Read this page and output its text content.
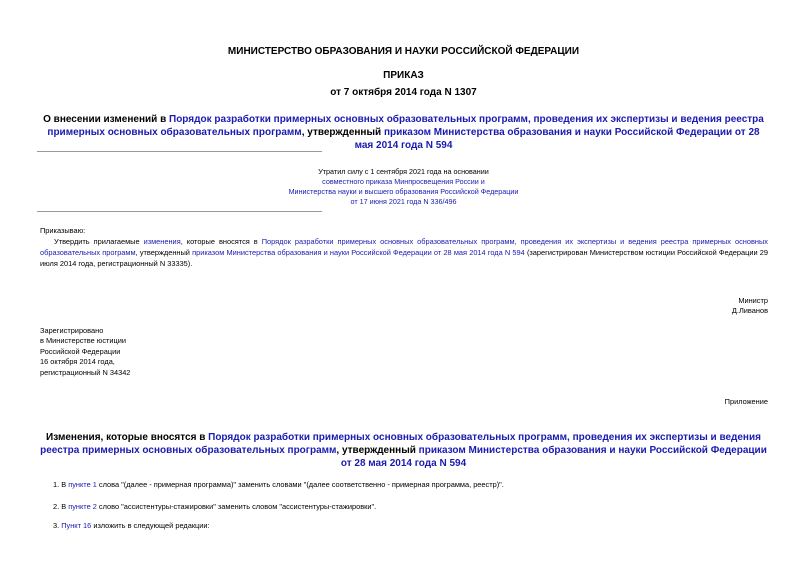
МИНИСТЕРСТВО ОБРАЗОВАНИЯ И НАУКИ РОССИЙСКОЙ ФЕДЕРАЦИИ
ПРИКАЗ
от 7 октября 2014 года N 1307
О внесении изменений в Порядок разработки примерных основных образовательных программ, проведения их экспертизы и ведения реестра примерных основных образовательных программ, утвержденный приказом Министерства образования и науки Российской Федерации от 28 мая 2014 года N 594
Утратил силу с 1 сентября 2021 года на основании
совместного приказа Минпросвещения России и
Министерства науки и высшего образования Российской Федерации
от 17 июня 2021 года N 336/496
Приказываю:
Утвердить прилагаемые изменения, которые вносятся в Порядок разработки примерных основных образовательных программ, проведения их экспертизы и ведения реестра примерных основных образовательных программ, утвержденный приказом Министерства образования и науки Российской Федерации от 28 мая 2014 года N 594 (зарегистрирован Министерством юстиции Российской Федерации 29 июля 2014 года, регистрационный N 33335).
Министр
Д.Ливанов
Зарегистрировано
в Министерстве юстиции
Российской Федерации
16 октября 2014 года,
регистрационный N 34342
Приложение
Изменения, которые вносятся в Порядок разработки примерных основных образовательных программ, проведения их экспертизы и ведения реестра примерных основных образовательных программ, утвержденный приказом Министерства образования и науки Российской Федерации от 28 мая 2014 года N 594
1. В пункте 1 слова "(далее - примерная программа)" заменить словами "(далее соответственно - примерная программа, реестр)".
2. В пункте 2 слово "ассистентуры-стажировки" заменить словом "ассистентуры-стажировки".
3. Пункт 16 изложить в следующей редакции:
